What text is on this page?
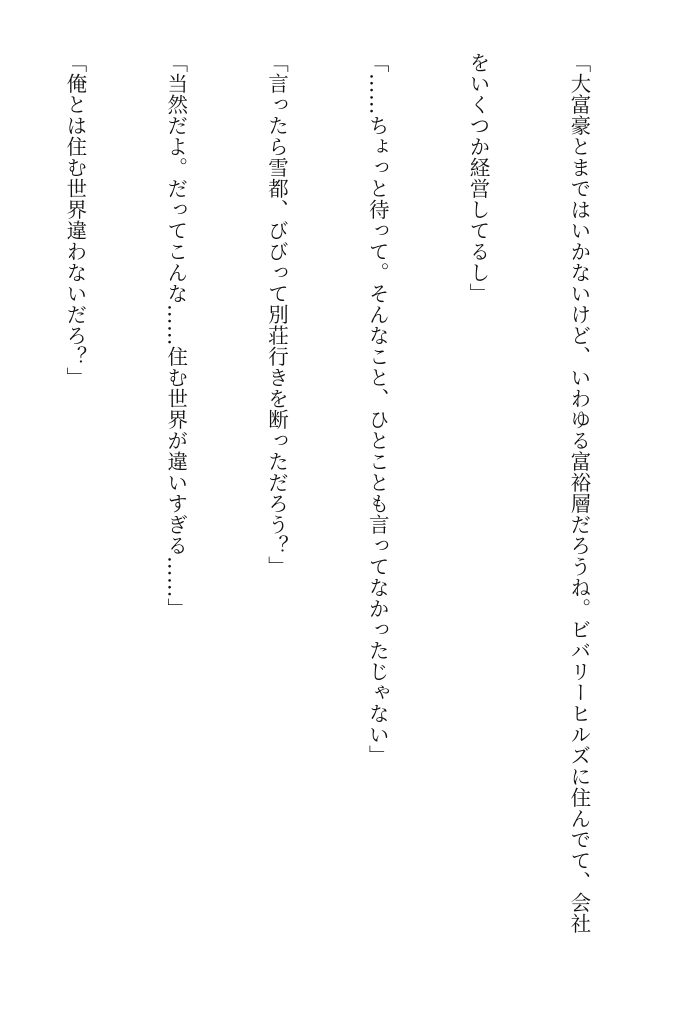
「大富豪とまではいかないけど、いわゆる富裕層だろうね。ビバリーヒルズに住んでて、会社

をいくつか経営してるし」

「……ちょっと待って。そんなこと、ひとことも言ってなかったじゃない」

「言ったら雪都、びびって別荘行きを断っただろう？」

「当然だよ。だってこんな……住む世界が違いすぎる……」

「俺とは住む世界違わないだろ？」
